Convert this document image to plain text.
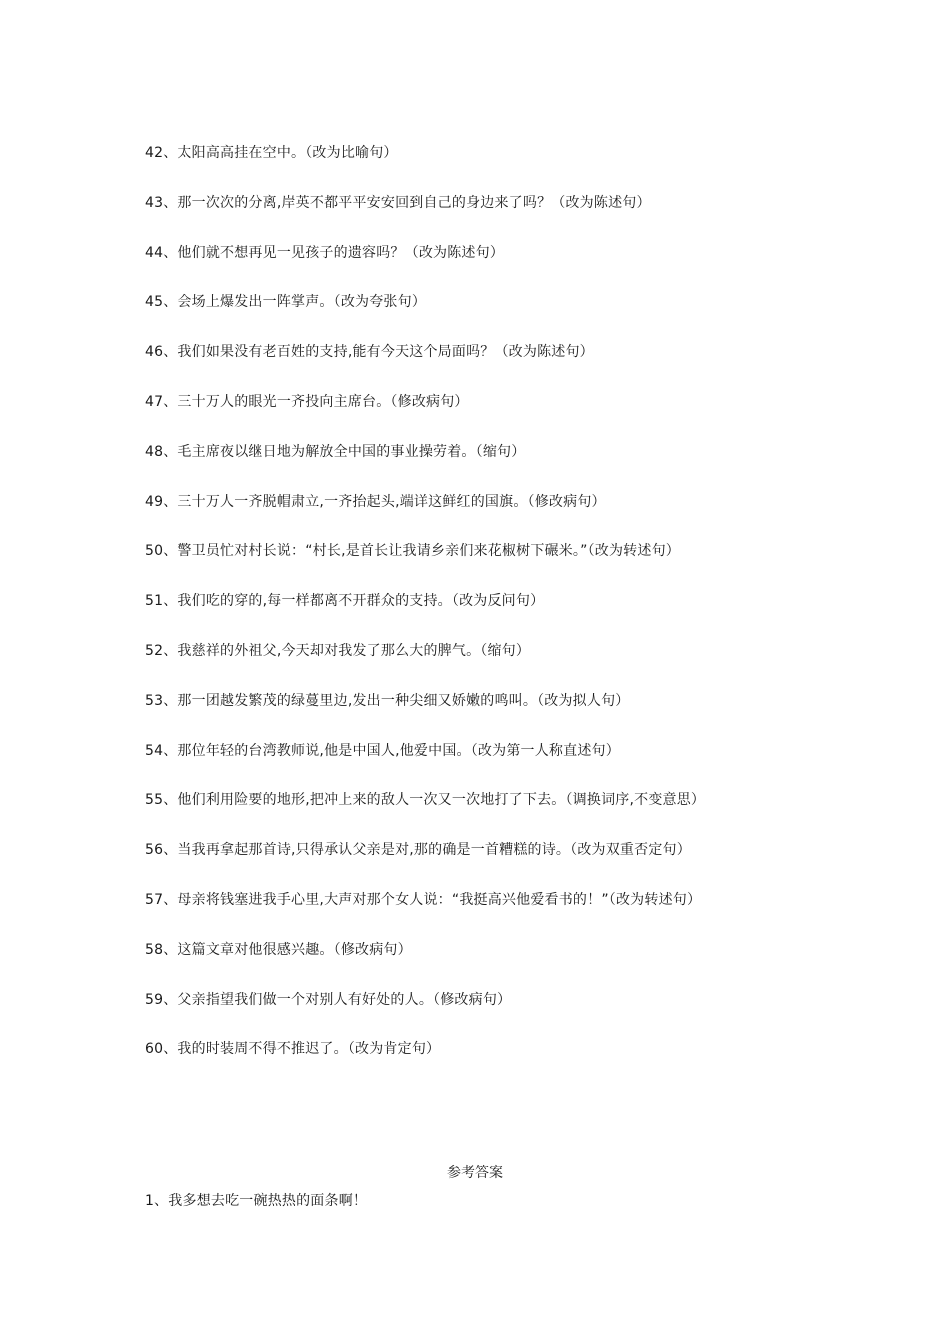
42、太阳高高挂在空中。（改为比喻句）
43、那一次次的分离,岸英不都平平安安回到自己的身边来了吗？（改为陈述句）
44、他们就不想再见一见孩子的遗容吗？（改为陈述句）
45、会场上爆发出一阵掌声。（改为夸张句）
46、我们如果没有老百姓的支持,能有今天这个局面吗？（改为陈述句）
47、三十万人的眼光一齐投向主席台。（修改病句）
48、毛主席夜以继日地为解放全中国的事业操劳着。（缩句）
49、三十万人一齐脱帽肃立,一齐抬起头,端详这鲜红的国旗。（修改病句）
50、警卫员忙对村长说：“村长,是首长让我请乡亲们来花椒树下碾米。”（改为转述句）
51、我们吃的穿的,每一样都离不开群众的支持。（改为反问句）
52、我慈祥的外祖父,今天却对我发了那么大的脾气。（缩句）
53、那一团越发繁茂的绿蔓里边,发出一种尖细又娇嫩的鸣叫。（改为拟人句）
54、那位年轻的台湾教师说,他是中国人,他爱中国。（改为第一人称直述句）
55、他们利用险要的地形,把冲上来的敌人一次又一次地打了下去。（调换词序,不变意思）
56、当我再拿起那首诗,只得承认父亲是对,那的确是一首糟糕的诗。（改为双重否定句）
57、母亲将钱塞进我手心里,大声对那个女人说：“我挺高兴他爱看书的！”（改为转述句）
58、这篇文章对他很感兴趣。（修改病句）
59、父亲指望我们做一个对别人有好处的人。（修改病句）
60、我的时装周不得不推迟了。（改为肯定句）
参考答案
1、我多想去吃一碗热热的面条啊！
